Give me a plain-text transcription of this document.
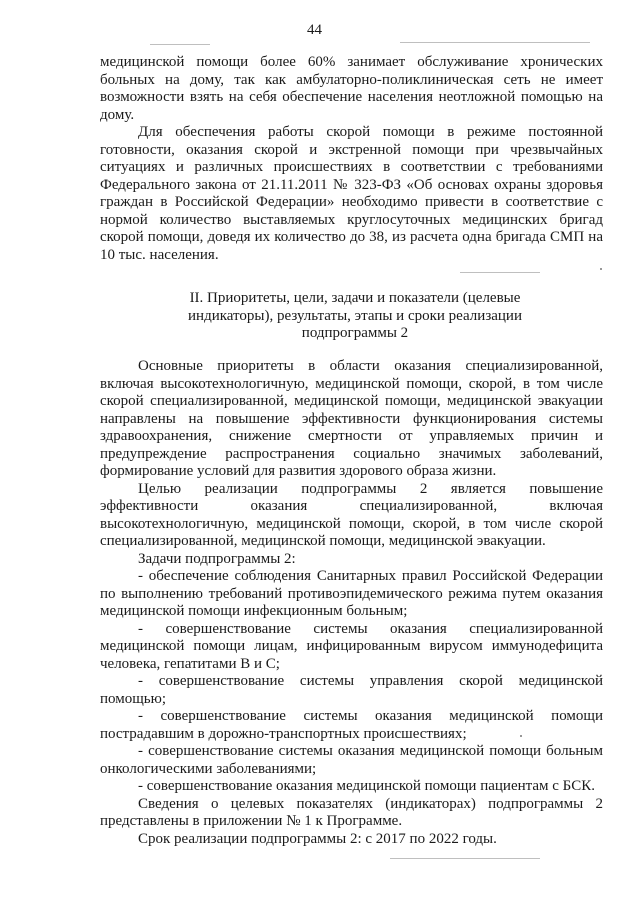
44

медицинской помощи более 60% занимает обслуживание хронических больных на дому, так как амбулаторно-поликлиническая сеть не имеет возможности взять на себя обеспечение населения неотложной помощью на дому.

Для обеспечения работы скорой помощи в режиме постоянной готовности, оказания скорой и экстренной помощи при чрезвычайных ситуациях и различных происшествиях в соответствии с требованиями Федерального закона от 21.11.2011 № 323-ФЗ «Об основах охраны здоровья граждан в Российской Федерации» необходимо привести в соответствие с нормой количество выставляемых круглосуточных медицинских бригад скорой помощи, доведя их количество до 38, из расчета одна бригада СМП на 10 тыс. населения.

II. Приоритеты, цели, задачи и показатели (целевые
индикаторы), результаты, этапы и сроки реализации
подпрограммы 2

Основные приоритеты в области оказания специализированной, включая высокотехнологичную, медицинской помощи, скорой, в том числе скорой специализированной, медицинской помощи, медицинской эвакуации направлены на повышение эффективности функционирования системы здравоохранения, снижение смертности от управляемых причин и предупреждение распространения социально значимых заболеваний, формирование условий для развития здорового образа жизни.

Целью реализации подпрограммы 2 является повышение эффективности оказания специализированной, включая высокотехнологичную, медицинской помощи, скорой, в том числе скорой специализированной, медицинской помощи, медицинской эвакуации.

Задачи подпрограммы 2:

- обеспечение соблюдения Санитарных правил Российской Федерации по выполнению требований противоэпидемического режима путем оказания медицинской помощи инфекционным больным;

- совершенствование системы оказания специализированной медицинской помощи лицам, инфицированным вирусом иммунодефицита человека, гепатитами B и C;

- совершенствование системы управления скорой медицинской помощью;

- совершенствование системы оказания медицинской помощи пострадавшим в дорожно-транспортных происшествиях;

- совершенствование системы оказания медицинской помощи больным онкологическими заболеваниями;

- совершенствование оказания медицинской помощи пациентам с БСК.

Сведения о целевых показателях (индикаторах) подпрограммы 2 представлены в приложении № 1 к Программе.

Срок реализации подпрограммы 2: с 2017 по 2022 годы.
